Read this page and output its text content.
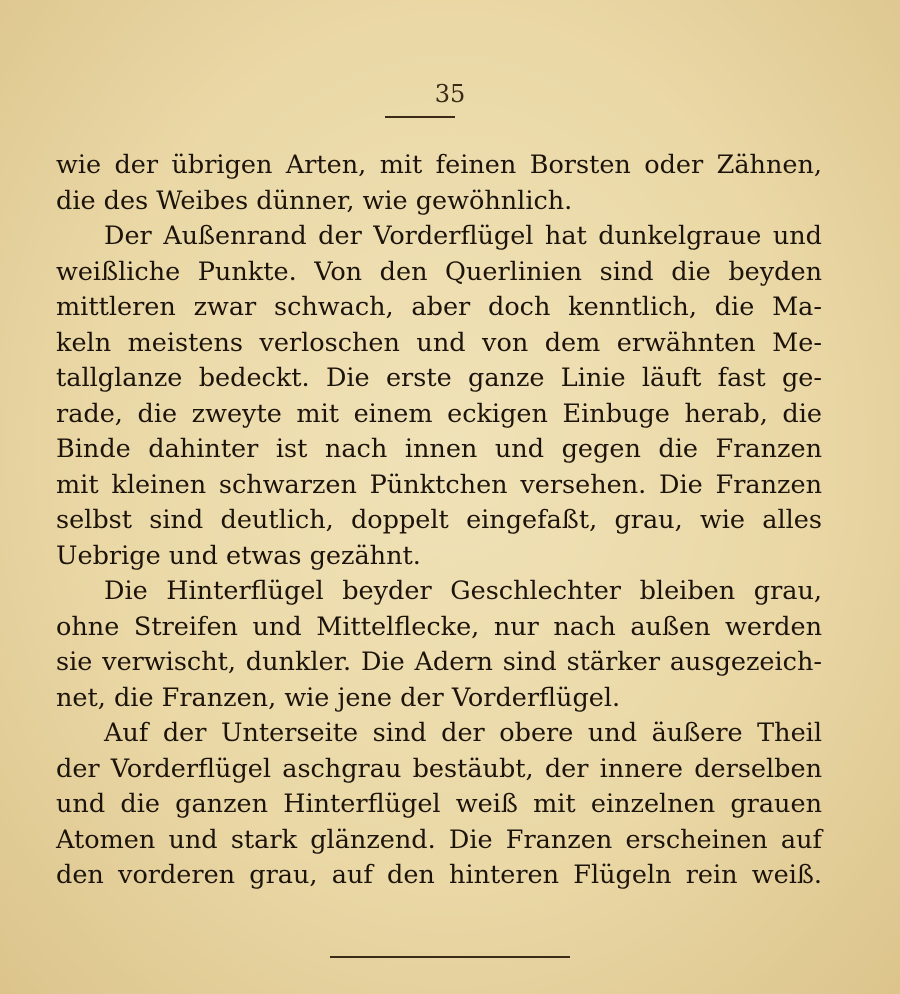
35
wie der übrigen Arten, mit feinen Borsten oder Zähnen,
die des Weibes dünner, wie gewöhnlich.
Der Außenrand der Vorderflügel hat dunkelgraue und
weißliche Punkte. Von den Querlinien sind die beyden
mittleren zwar schwach, aber doch kenntlich, die Ma-
keln meistens verloschen und von dem erwähnten Me-
tallglanze bedeckt. Die erste ganze Linie läuft fast ge-
rade, die zweyte mit einem eckigen Einbuge herab, die
Binde dahinter ist nach innen und gegen die Franzen
mit kleinen schwarzen Pünktchen versehen. Die Franzen
selbst sind deutlich, doppelt eingefaßt, grau, wie alles
Uebrige und etwas gezähnt.
Die Hinterflügel beyder Geschlechter bleiben grau,
ohne Streifen und Mittelflecke, nur nach außen werden
sie verwischt, dunkler. Die Adern sind stärker ausgezeich-
net, die Franzen, wie jene der Vorderflügel.
Auf der Unterseite sind der obere und äußere Theil
der Vorderflügel aschgrau bestäubt, der innere derselben
und die ganzen Hinterflügel weiß mit einzelnen grauen
Atomen und stark glänzend. Die Franzen erscheinen auf
den vorderen grau, auf den hinteren Flügeln rein weiß.
